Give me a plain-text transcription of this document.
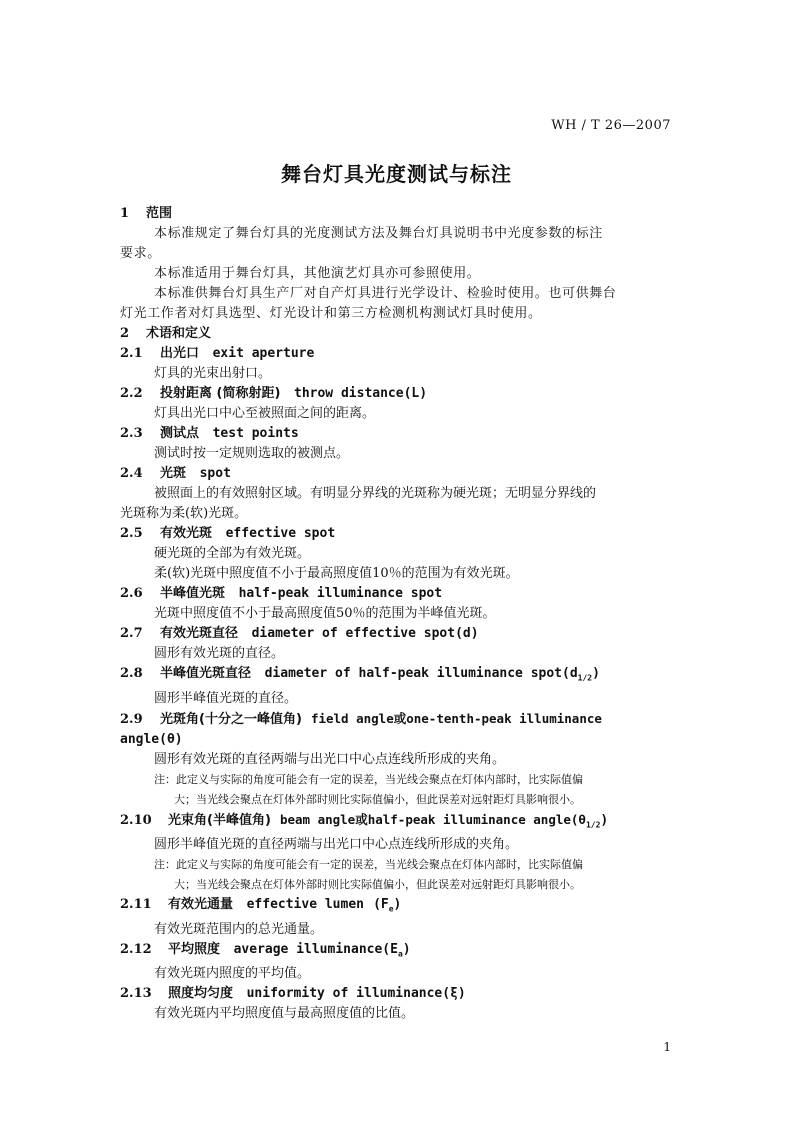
WH / T 26—2007
舞台灯具光度测试与标注
1 范围
本标准规定了舞台灯具的光度测试方法及舞台灯具说明书中光度参数的标注
要求。
本标准适用于舞台灯具，其他演艺灯具亦可参照使用。
本标准供舞台灯具生产厂对自产灯具进行光学设计、检验时使用。也可供舞台
灯光工作者对灯具选型、灯光设计和第三方检测机构测试灯具时使用。
2 术语和定义
2.1 出光口 exit aperture
灯具的光束出射口。
2.2 投射距离 (简称射距) throw distance(L)
灯具出光口中心至被照面之间的距离。
2.3 测试点 test points
测试时按一定规则选取的被测点。
2.4 光斑 spot
被照面上的有效照射区域。有明显分界线的光斑称为硬光斑；无明显分界线的
光斑称为柔(软)光斑。
2.5 有效光斑 effective spot
硬光斑的全部为有效光斑。
柔(软)光斑中照度值不小于最高照度值10％的范围为有效光斑。
2.6 半峰值光斑 half-peak illuminance spot
光斑中照度值不小于最高照度值50％的范围为半峰值光斑。
2.7 有效光斑直径 diameter of effective spot(d)
圆形有效光斑的直径。
2.8 半峰值光斑直径 diameter of half-peak illuminance $spot(d_{1/2})$
圆形半峰值光斑的直径。
2.9 光斑角(十分之一峰值角) field angle或one-tenth-peak illuminance
angle(θ)
圆形有效光斑的直径两端与出光口中心点连线所形成的夹角。
注：此定义与实际的角度可能会有一定的误差，当光线会聚点在灯体内部时，比实际值偏
大；当光线会聚点在灯体外部时则比实际值偏小，但此误差对远射距灯具影响很小。
2.10 光束角(半峰值角) beam angle或half-peak illuminance $angle(\theta_{1/2})$
圆形半峰值光斑的直径两端与出光口中心点连线所形成的夹角。
注：此定义与实际的角度可能会有一定的误差，当光线会聚点在灯体内部时，比实际值偏
大；当光线会聚点在灯体外部时则比实际值偏小，但此误差对远射距灯具影响很小。
2.11 有效光通量 effective lumen $(F_e)$
有效光斑范围内的总光通量。
2.12 平均照度 average $illuminance(E_a)$
有效光斑内照度的平均值。
2.13 照度均匀度 uniformity of illuminance(ξ)
有效光斑内平均照度值与最高照度值的比值。
1
